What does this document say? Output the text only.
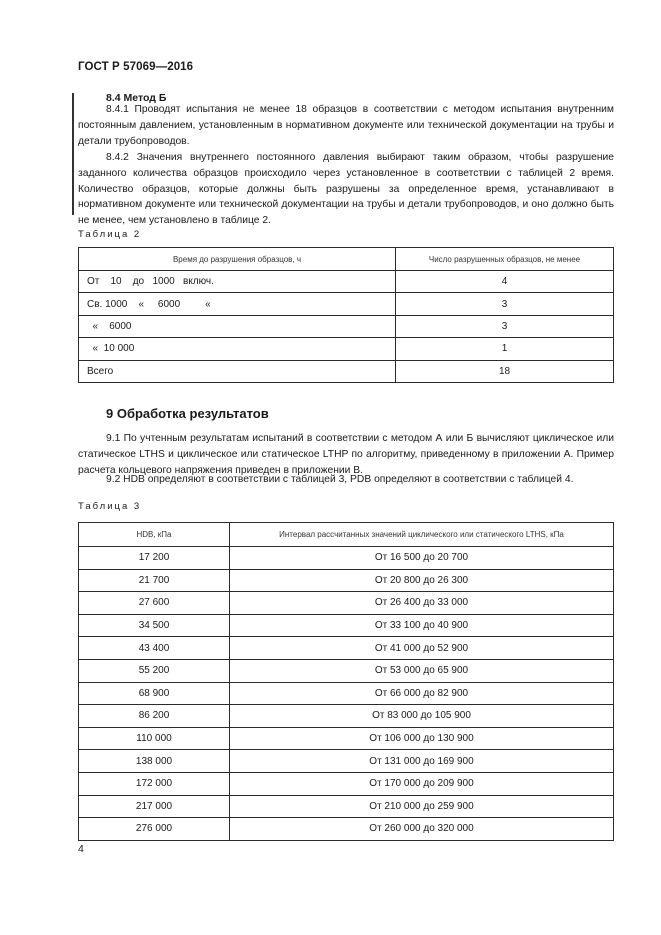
ГОСТ Р 57069—2016
8.4 Метод Б
8.4.1 Проводят испытания не менее 18 образцов в соответствии с методом испытания внутренним постоянным давлением, установленным в нормативном документе или технической документации на трубы и детали трубопроводов.
8.4.2 Значения внутреннего постоянного давления выбирают таким образом, чтобы разрушение заданного количества образцов происходило через установленное в соответствии с таблицей 2 время. Количество образцов, которые должны быть разрушены за определенное время, устанавливают в нормативном документе или технической документации на трубы и детали трубопроводов, и оно должно быть не менее, чем установлено в таблице 2.
Таблица 2
Время до разрушения образцов, ч	Число разрушенных образцов, не менее
От    10    до   1000   включ.	4
Св. 1000    «     6000         «	3
«    6000	3
«  10 000	1
Всего	18
9 Обработка результатов
9.1 По учтенным результатам испытаний в соответствии с методом А или Б вычисляют циклическое или статическое LTHS и циклическое или статическое LTHP по алгоритму, приведенному в приложении А. Пример расчета кольцевого напряжения приведен в приложении В.
9.2 HDB определяют в соответствии с таблицей 3, PDB определяют в соответствии с таблицей 4.
Таблица 3
HDB, кПа	Интервал рассчитанных значений циклического или статического LTHS, кПа
17 200	От 16 500 до 20 700
21 700	От 20 800 до 26 300
27 600	От 26 400 до 33 000
34 500	От 33 100 до 40 900
43 400	От 41 000 до 52 900
55 200	От 53 000 до 65 900
68 900	От 66 000 до 82 900
86 200	От 83 000 до 105 900
110 000	От 106 000 до 130 900
138 000	От 131 000 до 169 900
172 000	От 170 000 до 209 900
217 000	От 210 000 до 259 900
276 000	От 260 000 до 320 000
4
